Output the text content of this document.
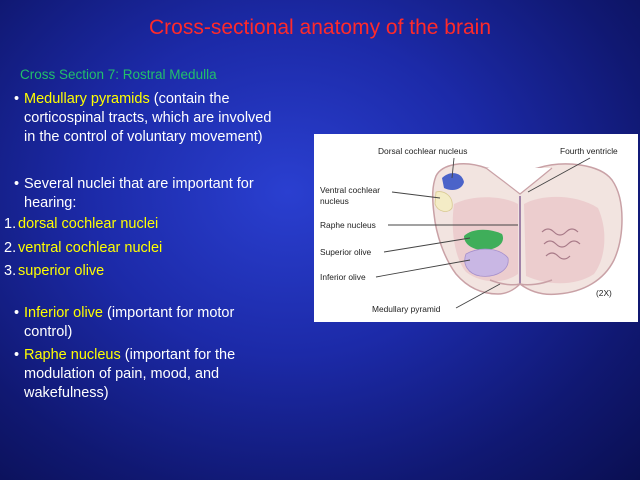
Cross-sectional anatomy of the brain
Cross Section 7: Rostral Medulla
• Medullary pyramids (contain the
corticospinal tracts, which are involved
in the control of voluntary movement)
• Several nuclei that are important for
hearing:
1. dorsal cochlear nuclei
2. ventral cochlear nuclei
3. superior olive
• Inferior olive (important for motor
control)
• Raphe nucleus (important for the
modulation of pain, mood, and
wakefulness)
Dorsal cochlear nucleus	Fourth ventricle
Ventral cochlear
nucleus
Raphe nucleus
Superior olive
Inferior olive
Medullary pyramid
(2X)
